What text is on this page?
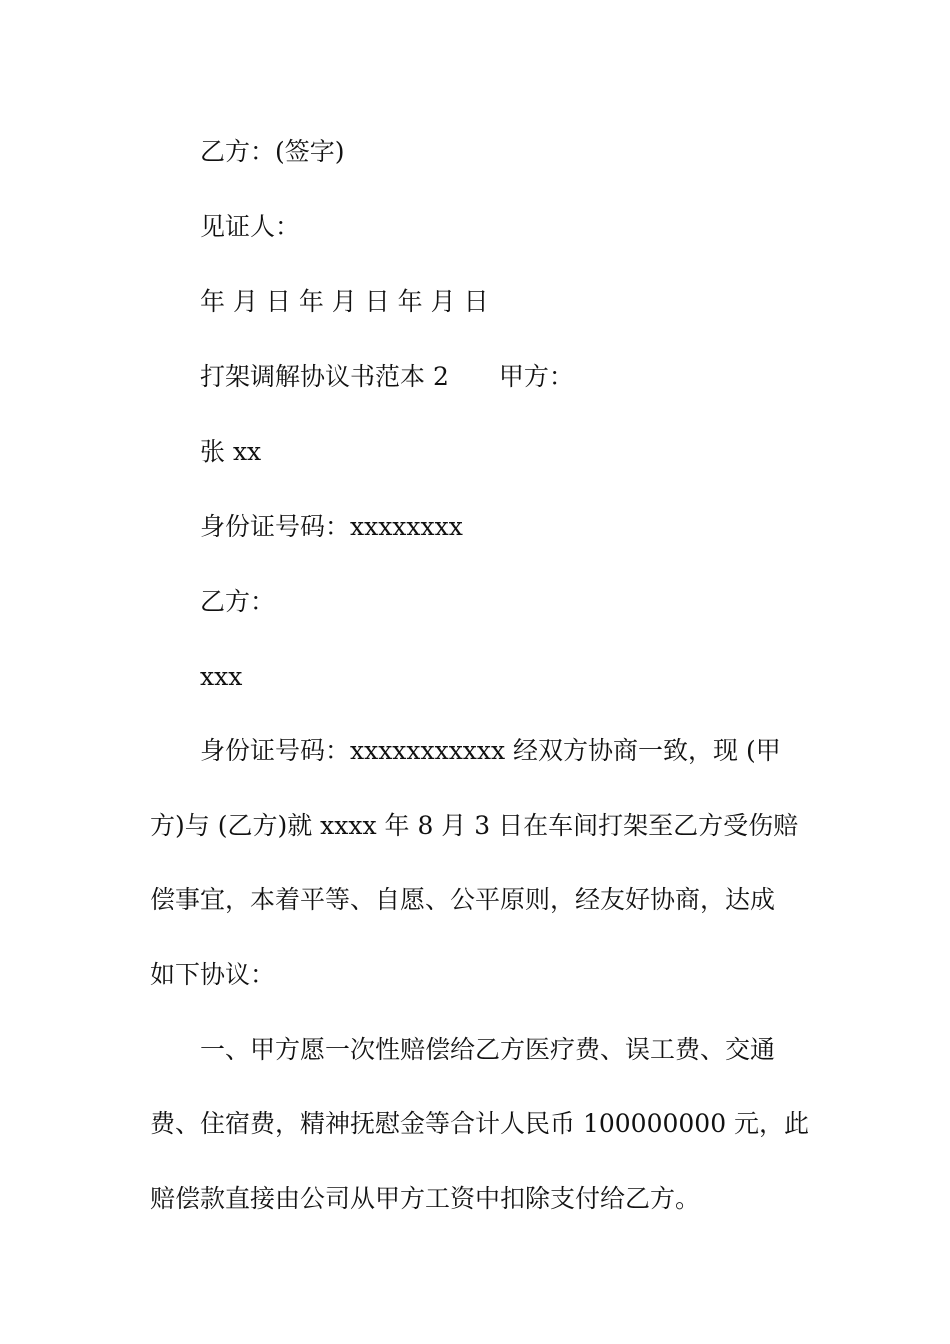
乙方：(签字)
见证人：
年 月 日 年 月 日 年 月 日
打架调解协议书范本 2 甲方：
张 xx
身份证号码：xxxxxxxx
乙方：
xxx
身份证号码：xxxxxxxxxxx 经双方协商一致，现 (甲
方)与 (乙方)就 xxxx 年 8 月 3 日在车间打架至乙方受伤赔
偿事宜，本着平等、自愿、公平原则，经友好协商，达成
如下协议：
一、甲方愿一次性赔偿给乙方医疗费、误工费、交通
费、住宿费，精神抚慰金等合计人民币 100000000 元，此
赔偿款直接由公司从甲方工资中扣除支付给乙方。
